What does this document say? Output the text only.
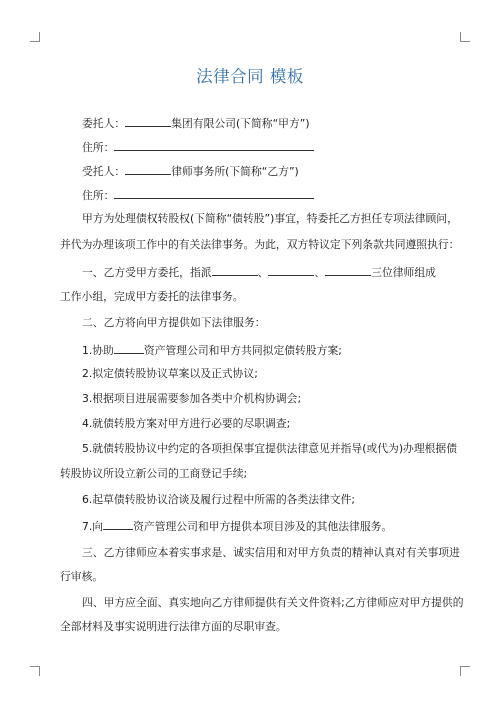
法律合同 模板
委托人：	集团有限公司(下简称“甲方”)
住所：
受托人：	律师事务所(下简称“乙方”)
住所：
甲方为处理债权转股权(下简称“债转股”)事宜，特委托乙方担任专项法律顾问，
并代为办理该项工作中的有关法律事务。为此，双方特议定下列条款共同遵照执行：
一、乙方受甲方委托，指派	、	、	三位律师组成
工作小组，完成甲方委托的法律事务。
二、乙方将向甲方提供如下法律服务：
1.协助	资产管理公司和甲方共同拟定债转股方案;
2.拟定债转股协议草案以及正式协议;
3.根据项目进展需要参加各类中介机构协调会;
4.就债转股方案对甲方进行必要的尽职调查;
5.就债转股协议中约定的各项担保事宜提供法律意见并指导(或代为)办理根据债
转股协议所设立新公司的工商登记手续;
6.起草债转股协议洽谈及履行过程中所需的各类法律文件;
7.向	资产管理公司和甲方提供本项目涉及的其他法律服务。
三、乙方律师应本着实事求是、诚实信用和对甲方负责的精神认真对有关事项进
行审核。
四、甲方应全面、真实地向乙方律师提供有关文件资料;乙方律师应对甲方提供的
全部材料及事实说明进行法律方面的尽职审查。
